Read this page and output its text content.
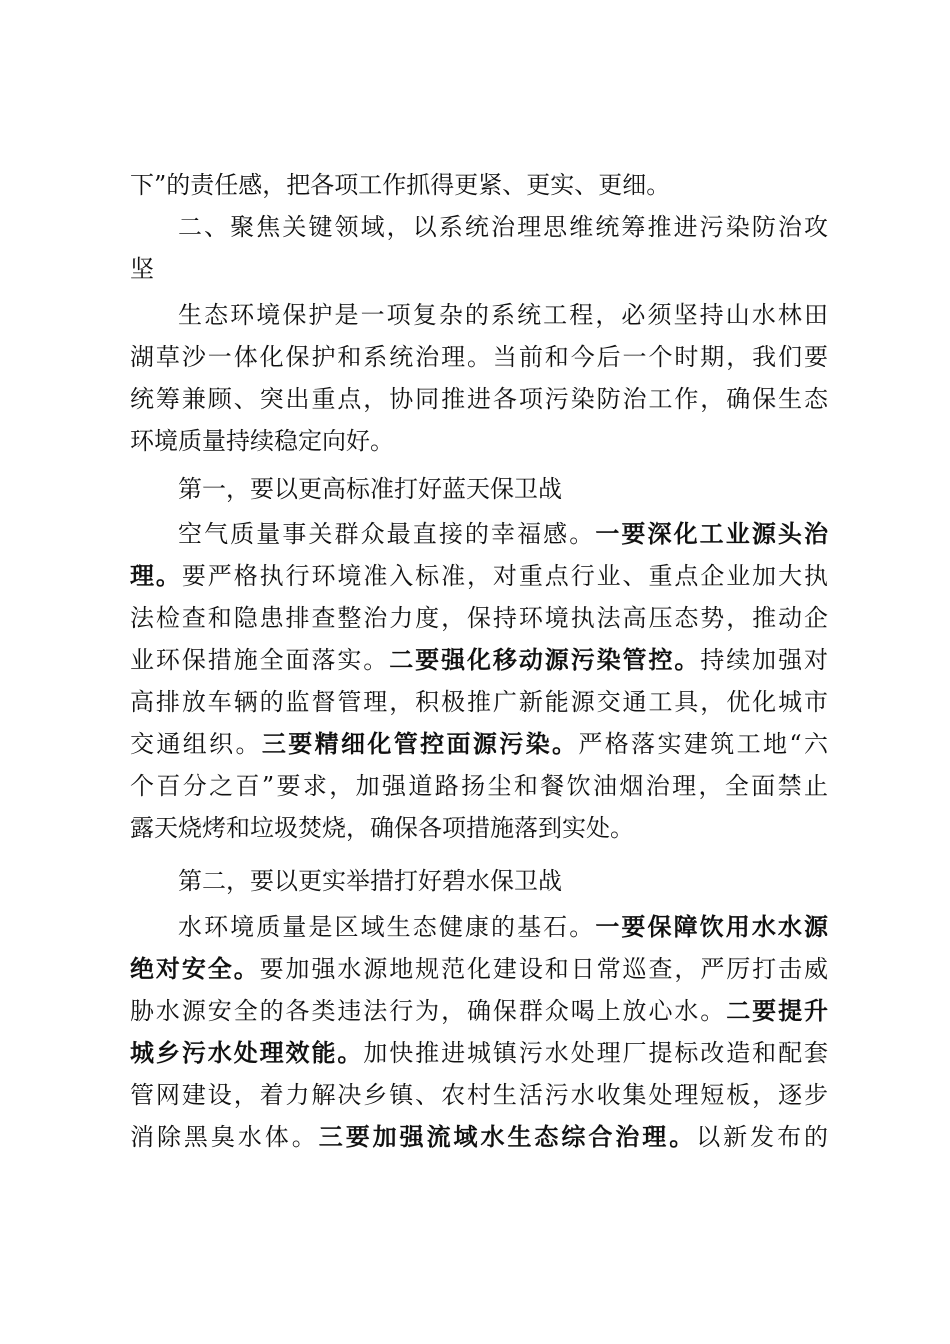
下”的责任感，把各项工作抓得更紧、更实、更细。
二、聚焦关键领域，以系统治理思维统筹推进污染防治攻
坚
生态环境保护是一项复杂的系统工程，必须坚持山水林田
湖草沙一体化保护和系统治理。当前和今后一个时期，我们要
统筹兼顾、突出重点，协同推进各项污染防治工作，确保生态
环境质量持续稳定向好。
第一，要以更高标准打好蓝天保卫战
空气质量事关群众最直接的幸福感。一要深化工业源头治
理。要严格执行环境准入标准，对重点行业、重点企业加大执
法检查和隐患排查整治力度，保持环境执法高压态势，推动企
业环保措施全面落实。二要强化移动源污染管控。持续加强对
高排放车辆的监督管理，积极推广新能源交通工具，优化城市
交通组织。三要精细化管控面源污染。严格落实建筑工地“六
个百分之百”要求，加强道路扬尘和餐饮油烟治理，全面禁止
露天烧烤和垃圾焚烧，确保各项措施落到实处。
第二，要以更实举措打好碧水保卫战
水环境质量是区域生态健康的基石。一要保障饮用水水源
绝对安全。要加强水源地规范化建设和日常巡查，严厉打击威
胁水源安全的各类违法行为，确保群众喝上放心水。二要提升
城乡污水处理效能。加快推进城镇污水处理厂提标改造和配套
管网建设，着力解决乡镇、农村生活污水收集处理短板，逐步
消除黑臭水体。三要加强流域水生态综合治理。以新发布的
